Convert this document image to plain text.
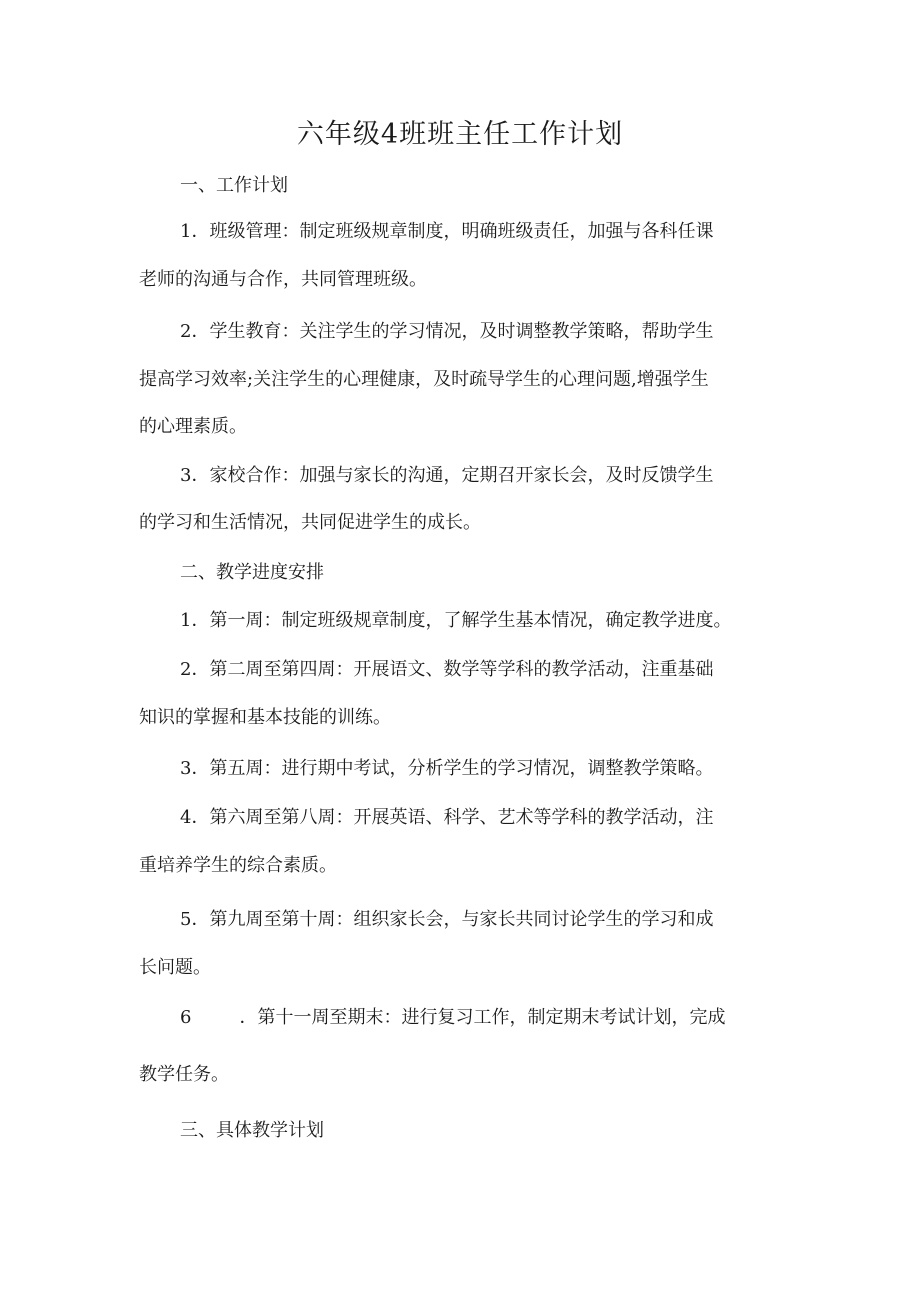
六年级4班班主任工作计划
一、工作计划
1．班级管理：制定班级规章制度，明确班级责任，加强与各科任课
老师的沟通与合作，共同管理班级。
2．学生教育：关注学生的学习情况，及时调整教学策略，帮助学生
提高学习效率;关注学生的心理健康，及时疏导学生的心理问题,增强学生
的心理素质。
3．家校合作：加强与家长的沟通，定期召开家长会，及时反馈学生
的学习和生活情况，共同促进学生的成长。
二、教学进度安排
1．第一周：制定班级规章制度，了解学生基本情况，确定教学进度。
2．第二周至第四周：开展语文、数学等学科的教学活动，注重基础
知识的掌握和基本技能的训练。
3．第五周：进行期中考试，分析学生的学习情况，调整教学策略。
4．第六周至第八周：开展英语、科学、艺术等学科的教学活动，注
重培养学生的综合素质。
5．第九周至第十周：组织家长会，与家长共同讨论学生的学习和成
长问题。
6	．第十一周至期末：进行复习工作，制定期末考试计划，完成
教学任务。
三、具体教学计划
